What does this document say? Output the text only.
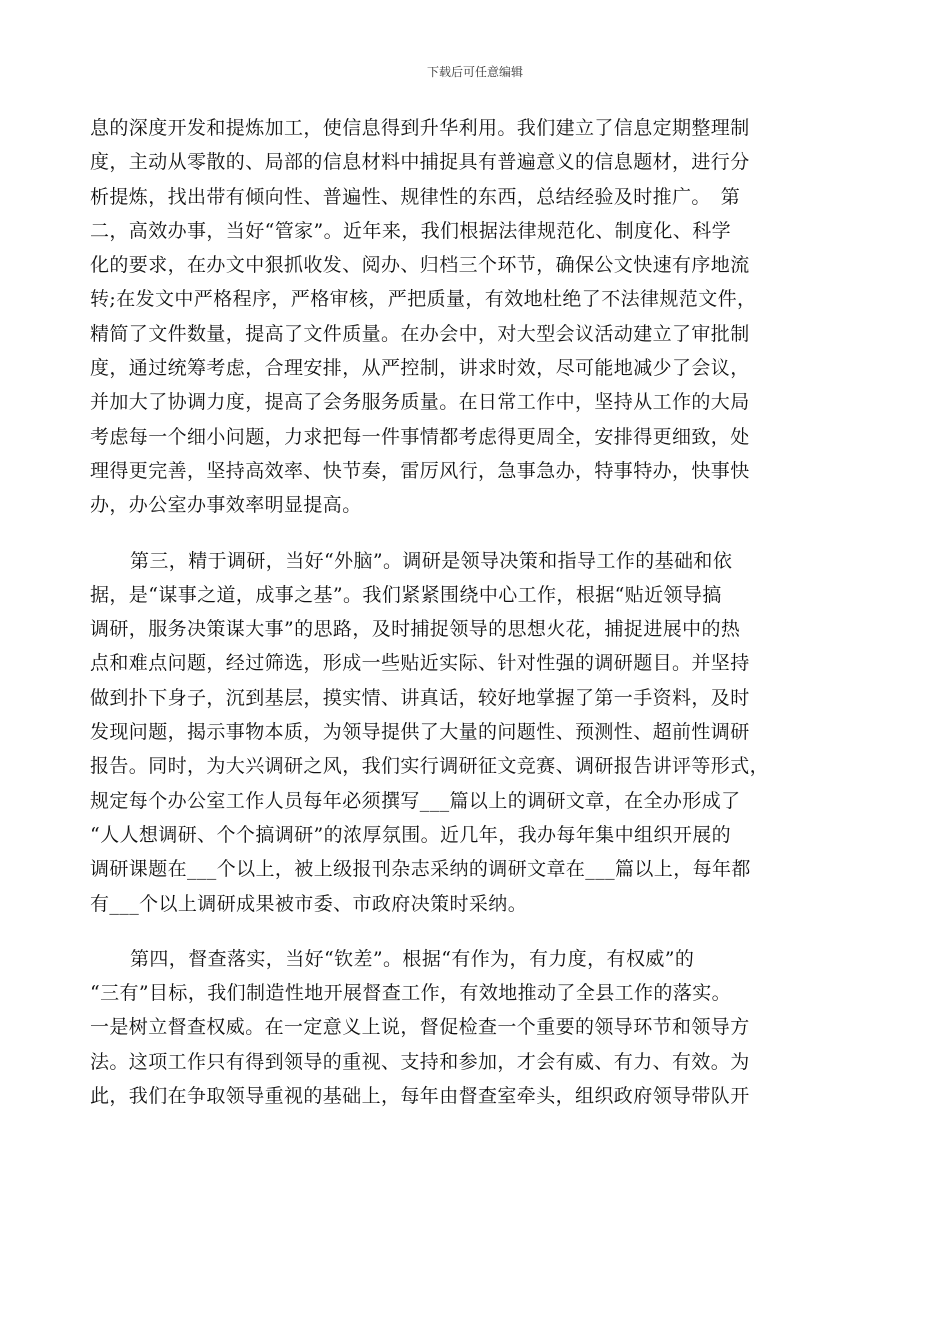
下载后可任意编辑
息的深度开发和提炼加工，使信息得到升华利用。我们建立了信息定期整理制
度，主动从零散的、局部的信息材料中捕捉具有普遍意义的信息题材，进行分
析提炼，找出带有倾向性、普遍性、规律性的东西，总结经验及时推广。　第
二，高效办事，当好“管家”。近年来，我们根据法律规范化、制度化、科学
化的要求，在办文中狠抓收发、阅办、归档三个环节，确保公文快速有序地流
转;在发文中严格程序，严格审核，严把质量，有效地杜绝了不法律规范文件，
精简了文件数量，提高了文件质量。在办会中，对大型会议活动建立了审批制
度，通过统筹考虑，合理安排，从严控制，讲求时效，尽可能地减少了会议，
并加大了协调力度，提高了会务服务质量。在日常工作中，坚持从工作的大局
考虑每一个细小问题，力求把每一件事情都考虑得更周全，安排得更细致，处
理得更完善，坚持高效率、快节奏，雷厉风行，急事急办，特事特办，快事快
办，办公室办事效率明显提高。
第三，精于调研，当好“外脑”。调研是领导决策和指导工作的基础和依
据，是“谋事之道，成事之基”。我们紧紧围绕中心工作，根据“贴近领导搞
调研，服务决策谋大事”的思路，及时捕捉领导的思想火花，捕捉进展中的热
点和难点问题，经过筛选，形成一些贴近实际、针对性强的调研题目。并坚持
做到扑下身子，沉到基层，摸实情、讲真话，较好地掌握了第一手资料，及时
发现问题，揭示事物本质，为领导提供了大量的问题性、预测性、超前性调研
报告。同时，为大兴调研之风，我们实行调研征文竞赛、调研报告讲评等形式，
规定每个办公室工作人员每年必须撰写___篇以上的调研文章，在全办形成了
“人人想调研、个个搞调研”的浓厚氛围。近几年，我办每年集中组织开展的
调研课题在___个以上，被上级报刊杂志采纳的调研文章在___篇以上，每年都
有___个以上调研成果被市委、市政府决策时采纳。
第四，督查落实，当好“钦差”。根据“有作为，有力度，有权威”的
“三有”目标，我们制造性地开展督查工作，有效地推动了全县工作的落实。
一是树立督查权威。在一定意义上说，督促检查一个重要的领导环节和领导方
法。这项工作只有得到领导的重视、支持和参加，才会有威、有力、有效。为
此，我们在争取领导重视的基础上，每年由督查室牵头，组织政府领导带队开
